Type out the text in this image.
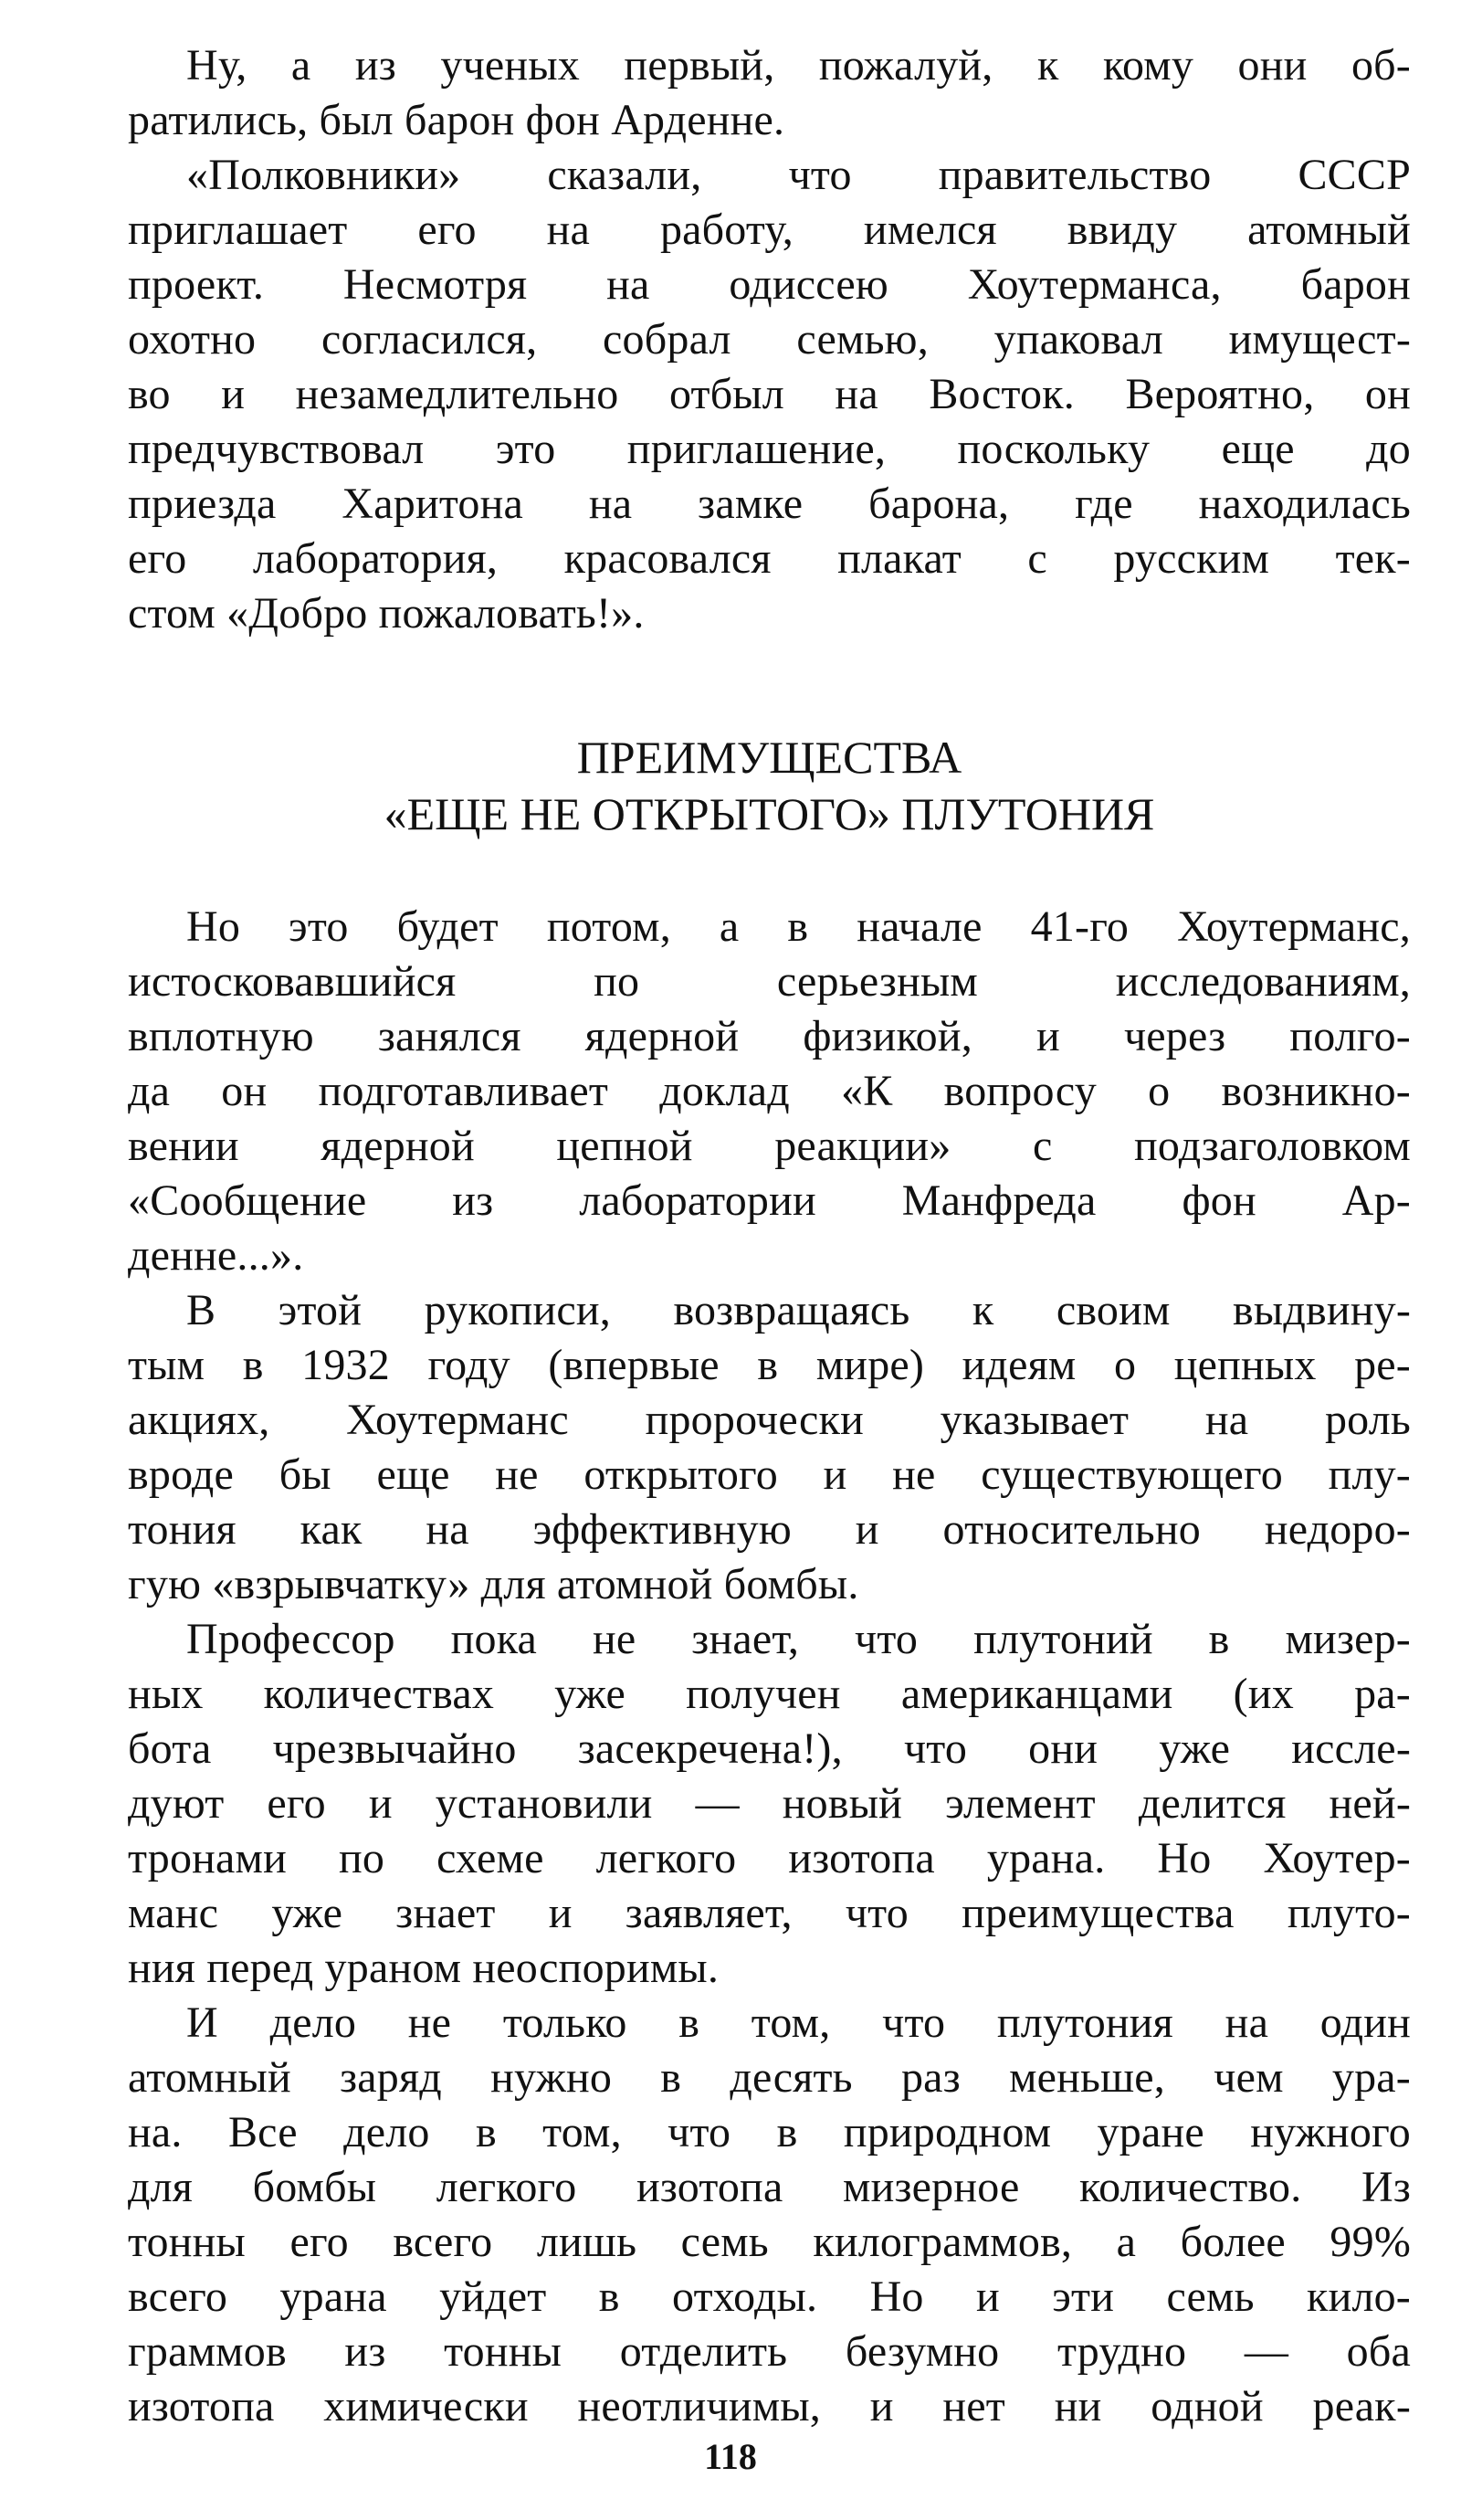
Ну, а из ученых первый, пожалуй, к кому они об-
ратились, был барон фон Арденне.
«Полковники» сказали, что правительство СССР
приглашает его на работу, имелся ввиду атомный
проект. Несмотря на одиссею Хоутерманса, барон
охотно согласился, собрал семью, упаковал имущест-
во и незамедлительно отбыл на Восток. Вероятно, он
предчувствовал это приглашение, поскольку еще до
приезда Харитона на замке барона, где находилась
его лаборатория, красовался плакат с русским тек-
стом «Добро пожаловать!».
ПРЕИМУЩЕСТВА
«ЕЩЕ НЕ ОТКРЫТОГО» ПЛУТОНИЯ
Но это будет потом, а в начале 41-го Хоутерманс,
истосковавшийся по серьезным исследованиям,
вплотную занялся ядерной физикой, и через полго-
да он подготавливает доклад «К вопросу о возникно-
вении ядерной цепной реакции» с подзаголовком
«Сообщение из лаборатории Манфреда фон Ар-
денне...».
В этой рукописи, возвращаясь к своим выдвину-
тым в 1932 году (впервые в мире) идеям о цепных ре-
акциях, Хоутерманс пророчески указывает на роль
вроде бы еще не открытого и не существующего плу-
тония как на эффективную и относительно недоро-
гую «взрывчатку» для атомной бомбы.
Профессор пока не знает, что плутоний в мизер-
ных количествах уже получен американцами (их ра-
бота чрезвычайно засекречена!), что они уже иссле-
дуют его и установили — новый элемент делится ней-
тронами по схеме легкого изотопа урана. Но Хоутер-
манс уже знает и заявляет, что преимущества плуто-
ния перед ураном неоспоримы.
И дело не только в том, что плутония на один
атомный заряд нужно в десять раз меньше, чем ура-
на. Все дело в том, что в природном уране нужного
для бомбы легкого изотопа мизерное количество. Из
тонны его всего лишь семь килограммов, а более 99%
всего урана уйдет в отходы. Но и эти семь кило-
граммов из тонны отделить безумно трудно — оба
изотопа химически неотличимы, и нет ни одной реак-
118
